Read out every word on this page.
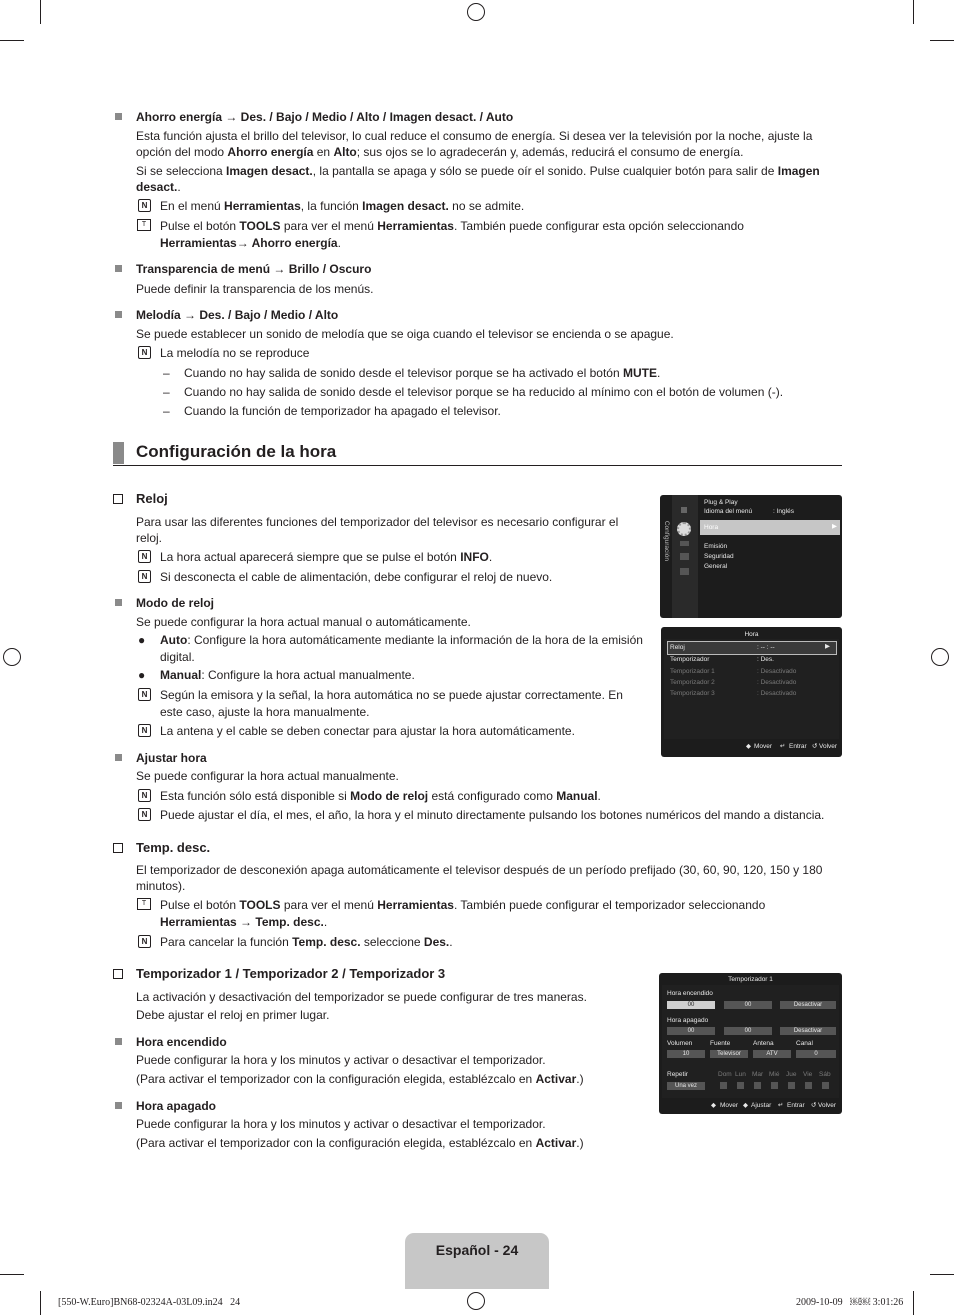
Ahorro energía → Des. / Bajo / Medio / Alto / Imagen desact. / Auto
Esta función ajusta el brillo del televisor, lo cual reduce el consumo de energía. Si desea ver la televisión por la noche, ajuste la
opción del modo Ahorro energía en Alto; sus ojos se lo agradecerán y, además, reducirá el consumo de energía.
Si se selecciona Imagen desact., la pantalla se apaga y sólo se puede oír el sonido. Pulse cualquier botón para salir de Imagen
desact..
N	En el menú Herramientas, la función Imagen desact. no se admite.
T	Pulse el botón TOOLS para ver el menú Herramientas. También puede configurar esta opción seleccionando
Herramientas→ Ahorro energía.
Transparencia de menú → Brillo / Oscuro
Puede definir la transparencia de los menús.
Melodía → Des. / Bajo / Medio / Alto
Se puede establecer un sonido de melodía que se oiga cuando el televisor se encienda o se apague.
N	La melodía no se reproduce
– Cuando no hay salida de sonido desde el televisor porque se ha activado el botón MUTE.
– Cuando no hay salida de sonido desde el televisor porque se ha reducido al mínimo con el botón de volumen (-).
– Cuando la función de temporizador ha apagado el televisor.
Configuración de la hora
Reloj
Para usar las diferentes funciones del temporizador del televisor es necesario configurar el reloj.
N	La hora actual aparecerá siempre que se pulse el botón INFO.
N	Si desconecta el cable de alimentación, debe configurar el reloj de nuevo.
Modo de reloj
Se puede configurar la hora actual manual o automáticamente.
● Auto: Configure la hora automáticamente mediante la información de la hora de la emisión
digital.
● Manual: Configure la hora actual manualmente.
N	Según la emisora y la señal, la hora automática no se puede ajustar correctamente. En
este caso, ajuste la hora manualmente.
N	La antena y el cable se deben conectar para ajustar la hora automáticamente.
Ajustar hora
Se puede configurar la hora actual manualmente.
N	Esta función sólo está disponible si Modo de reloj está configurado como Manual.
N	Puede ajustar el día, el mes, el año, la hora y el minuto directamente pulsando los botones numéricos del mando a distancia.
Temp. desc.
El temporizador de desconexión apaga automáticamente el televisor después de un período prefijado (30, 60, 90, 120, 150 y 180
minutos).
T	Pulse el botón TOOLS para ver el menú Herramientas. También puede configurar el temporizador seleccionando
Herramientas → Temp. desc..
N	Para cancelar la función Temp. desc. seleccione Des..
Temporizador 1 / Temporizador 2 / Temporizador 3
La activación y desactivación del temporizador se puede configurar de tres maneras.
Debe ajustar el reloj en primer lugar.
Hora encendido
Puede configurar la hora y los minutos y activar o desactivar el temporizador.
(Para activar el temporizador con la configuración elegida, establézcalo en Activar.)
Hora apagado
Puede configurar la hora y los minutos y activar o desactivar el temporizador.
(Para activar el temporizador con la configuración elegida, establézcalo en Activar.)
Configuración
Plug & Play
Idioma del menú	: Inglés
Hora	▶
Emisión
Seguridad
General
Hora
Reloj	: -- : --	▶
Temporizador	: Des.
Temporizador 1	: Desactivado
Temporizador 2	: Desactivado
Temporizador 3	: Desactivado
◆ Mover ↵ Entrar ↺ Volver
Temporizador 1
Hora encendido
00	00	Desactivar
Hora apagado
00	00	Desactivar
Volumen	Fuente	Antena	Canal
10	Televisor	ATV	0
Repetir	Dom Lun Mar Mié Jue Vie Sáb
Una vez
◆ Mover ◆ Ajustar ↵ Entrar ↺ Volver
Español - 24
[550-W.Euro]BN68-02324A-03L09.in24   24	2009-10-09   ￼￼ 3:01:26
